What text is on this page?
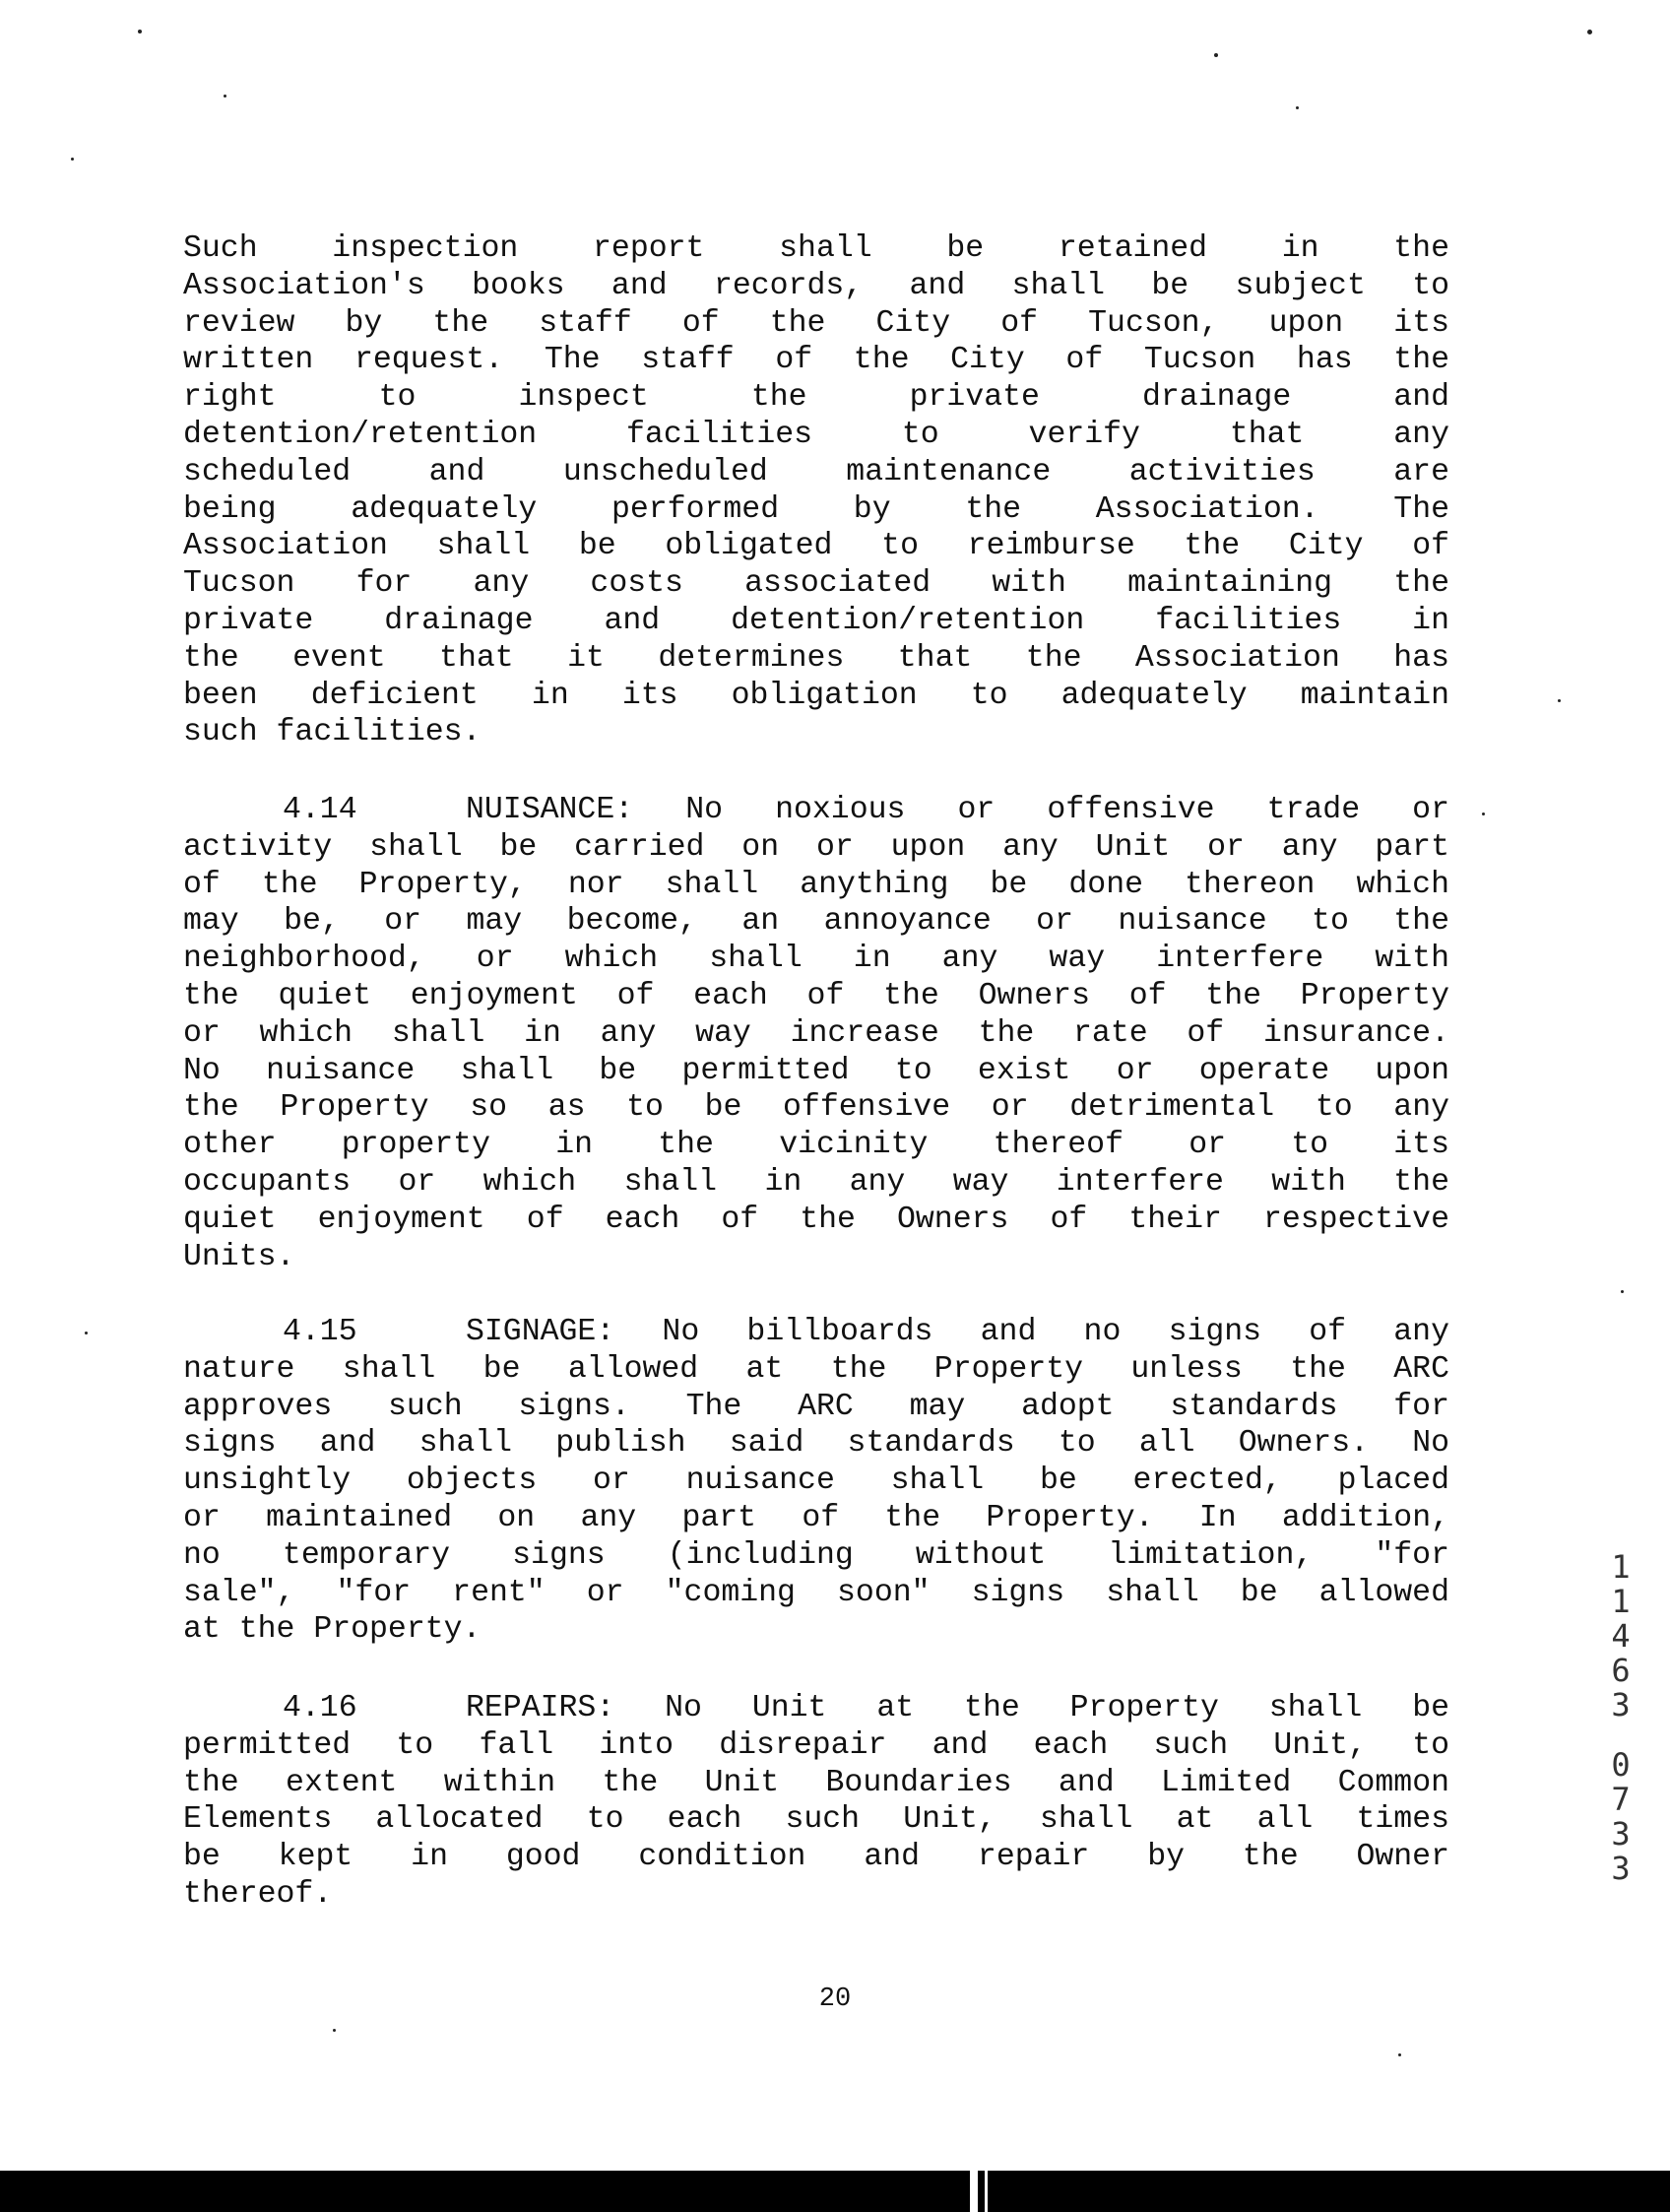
Such inspection report shall be retained in the
Association's books and records, and shall be subject to
review by the staff of the City of Tucson, upon its
written request. The staff of the City of Tucson has the
right to inspect the private drainage and
detention/retention facilities to verify that any
scheduled and unscheduled maintenance activities are
being adequately performed by the Association. The
Association shall be obligated to reimburse the City of
Tucson for any costs associated with maintaining the
private drainage and detention/retention facilities in
the event that it determines that the Association has
been deficient in its obligation to adequately maintain
such facilities.
4.14	NUISANCE: No noxious or offensive trade or
activity shall be carried on or upon any Unit or any part
of the Property, nor shall anything be done thereon which
may be, or may become, an annoyance or nuisance to the
neighborhood, or which shall in any way interfere with
the quiet enjoyment of each of the Owners of the Property
or which shall in any way increase the rate of insurance.
No nuisance shall be permitted to exist or operate upon
the Property so as to be offensive or detrimental to any
other property in the vicinity thereof or to its
occupants or which shall in any way interfere with the
quiet enjoyment of each of the Owners of their respective
Units.
4.15	SIGNAGE: No billboards and no signs of any
nature shall be allowed at the Property unless the ARC
approves such signs. The ARC may adopt standards for
signs and shall publish said standards to all Owners. No
unsightly objects or nuisance shall be erected, placed
or maintained on any part of the Property. In addition,
no temporary signs (including without limitation, "for
sale", "for rent" or "coming soon" signs shall be allowed
at the Property.
4.16	REPAIRS: No Unit at the Property shall be
permitted to fall into disrepair and each such Unit, to
the extent within the Unit Boundaries and Limited Common
Elements allocated to each such Unit, shall at all times
be kept in good condition and repair by the Owner
thereof.
20
1
1
4
6
3
0
7
3
3
